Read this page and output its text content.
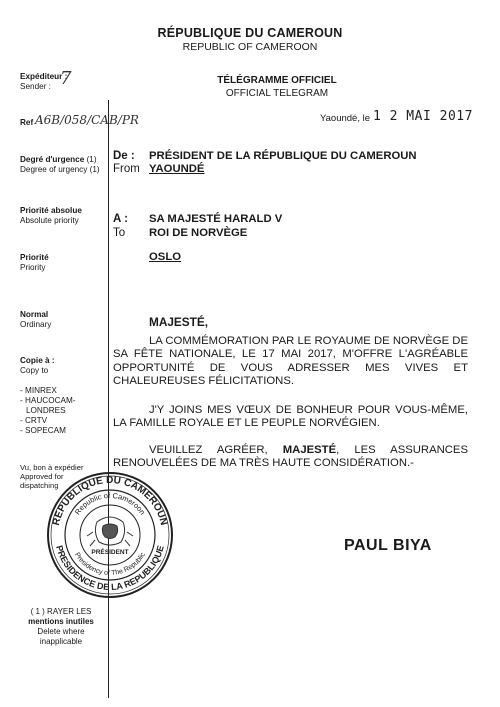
RÉPUBLIQUE DU CAMEROUN
REPUBLIC OF CAMEROON
TÉLÉGRAMME OFFICIEL
OFFICIAL TELEGRAM
Expéditeur :
Sender : 7
Ref A6B/058/CAB/PR
Degré d'urgence (1)
Degree of urgency (1)
Priorité absolue
Absolute priority
Priorité
Priority
Normal
Ordinary
Copie à :
Copy to
- MINREX
- HAUCOCAM-
LONDRES
- CRTV
- SOPECAM
Vu, bon à expédier
Approved for
dispatching
REPUBLIQUE DU CAMEROUN
PRESIDENCE DE LA REPUBLIQUE
Republic of Cameroon
Presidency of The Republic
PRÉSIDENT
( 1 ) RAYER LES
mentions inutiles
Delete where
inapplicable
Yaoundé, le 1 2 MAI 2017
De :
From
PRÉSIDENT DE LA RÉPUBLIQUE DU CAMEROUN
YAOUNDÉ
A :
To
SA MAJESTÉ HARALD V
ROI DE NORVÈGE
OSLO
MAJESTÉ,
LA COMMÉMORATION PAR LE ROYAUME DE NORVÈGE DE SA FÊTE NATIONALE, LE 17 MAI 2017, M'OFFRE L'AGRÉABLE OPPORTUNITÉ DE VOUS ADRESSER MES VIVES ET CHALEUREUSES FÉLICITATIONS.
J'Y JOINS MES VŒUX DE BONHEUR POUR VOUS-MÊME, LA FAMILLE ROYALE ET LE PEUPLE NORVÉGIEN.
VEUILLEZ AGRÉER, MAJESTÉ, LES ASSURANCES RENOUVELÉES DE MA TRÈS HAUTE CONSIDÉRATION.-
PAUL BIYA
